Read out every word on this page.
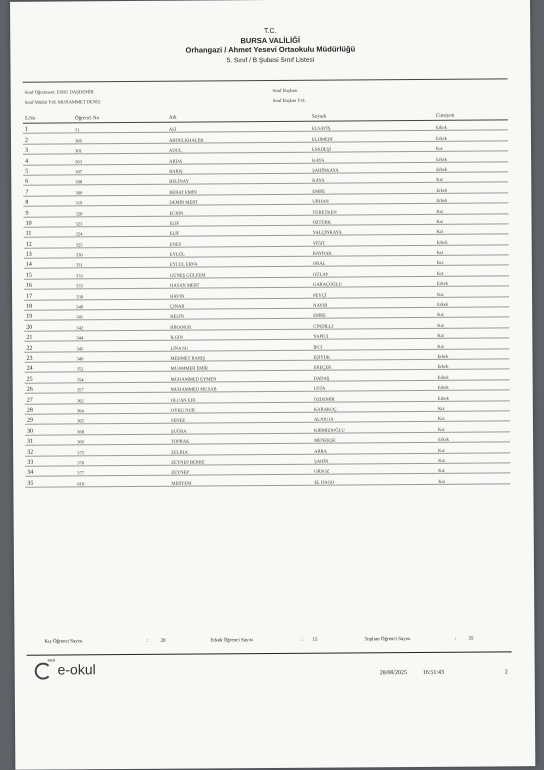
T.C.
BURSA VALİLİĞİ
Orhangazi / Ahmet Yesevi Ortaokulu Müdürlüğü
5. Sınıf / B Şubesi Sınıf Listesi
Sınıf Öğretmeni: ESRU DAŞDEMİR
Sınıf Müdür Yrd: MUHAMMET DENİZ
Sınıf Başkanı
Sınıf Başkan Yrd.
S.No	Öğrenci No	Adı	Soyadı	Cinsiyeti
1	31	ALİ	ELSAYİŞ	Erkek
2	300	ABDULKHALEK	ELHMEDİ	Erkek
3	301	ADUL	ESKDEŞİ	Kız
4	303	ARDA	KAYA	Erkek
5	307	BARIŞ	ŞAHİNKAYA	Erkek
6	308	BELİNAY	KAYA	Kız
7	309	BERAT EMİN	EMRE	Erkek
8	319	DEMİR MERT	URHAN	Erkek
9	320	ECRİN	TÜRETKEN	Kız
10	323	ELİF	ÖZTÜRK	Kız
11	324	ELİF	YALÇINKAYA	Kız
12	325	ENES	YİĞİT	Erkek
13	330	EYLÜL	BAYRAK	Kız
14	331	EYLÜL ERVA	ORAL	Kız
15	333	GÜNEŞ GÜLFEM	GÜLAY	Kız
16	335	HASAN MERT	GARAÇOĞLU	Erkek
17	338	HAVIN	PEYÇİ	Kız
18	340	ÇINAR	NAYIR	Erkek
19	341	HELİN	EMRE	Kız
20	342	HİRANUR	CİNDİLLİ	Kız
21	344	ILGIN	YAPICI	Kız
22	345	LİNA SU	İPCİ	Kız
23	349	MEHMET BARIŞ	EŞİYDK	Erkek
24	352	MUAMMER EMİR	EREÇER	Erkek
25	354	MUHAMMED EYMEN	DADAŞ	Erkek
26	357	MUHAMMED MUSAB	USTA	Erkek
27	362	OLCAN EFE	ÖZDEMİR	Erkek
28	364	OYKU NUR	KARAKOÇ	Kız
29	365	SENEE	ALJOUJA	Kız
30	368	ŞUĞRA	KIRMIZIOĞLU	Kız
31	369	TOPRAK	MENEKŞE	Erkek
32	375	ZELİHA	ARBA	Kız
33	376	ZEYNEP BERRE	ŞAHİN	Kız
34	377	ZEYNEP	ORSOZ	Kız
35	616	MERYEM	EL HAGO	Kız
Kız Öğrenci Sayısı	:	20	Erkek Öğrenci Sayısı	: 15	Toplam Öğrenci Sayısı	:	35

MEB
e-okul	28/08/2025	16:51:43	2
